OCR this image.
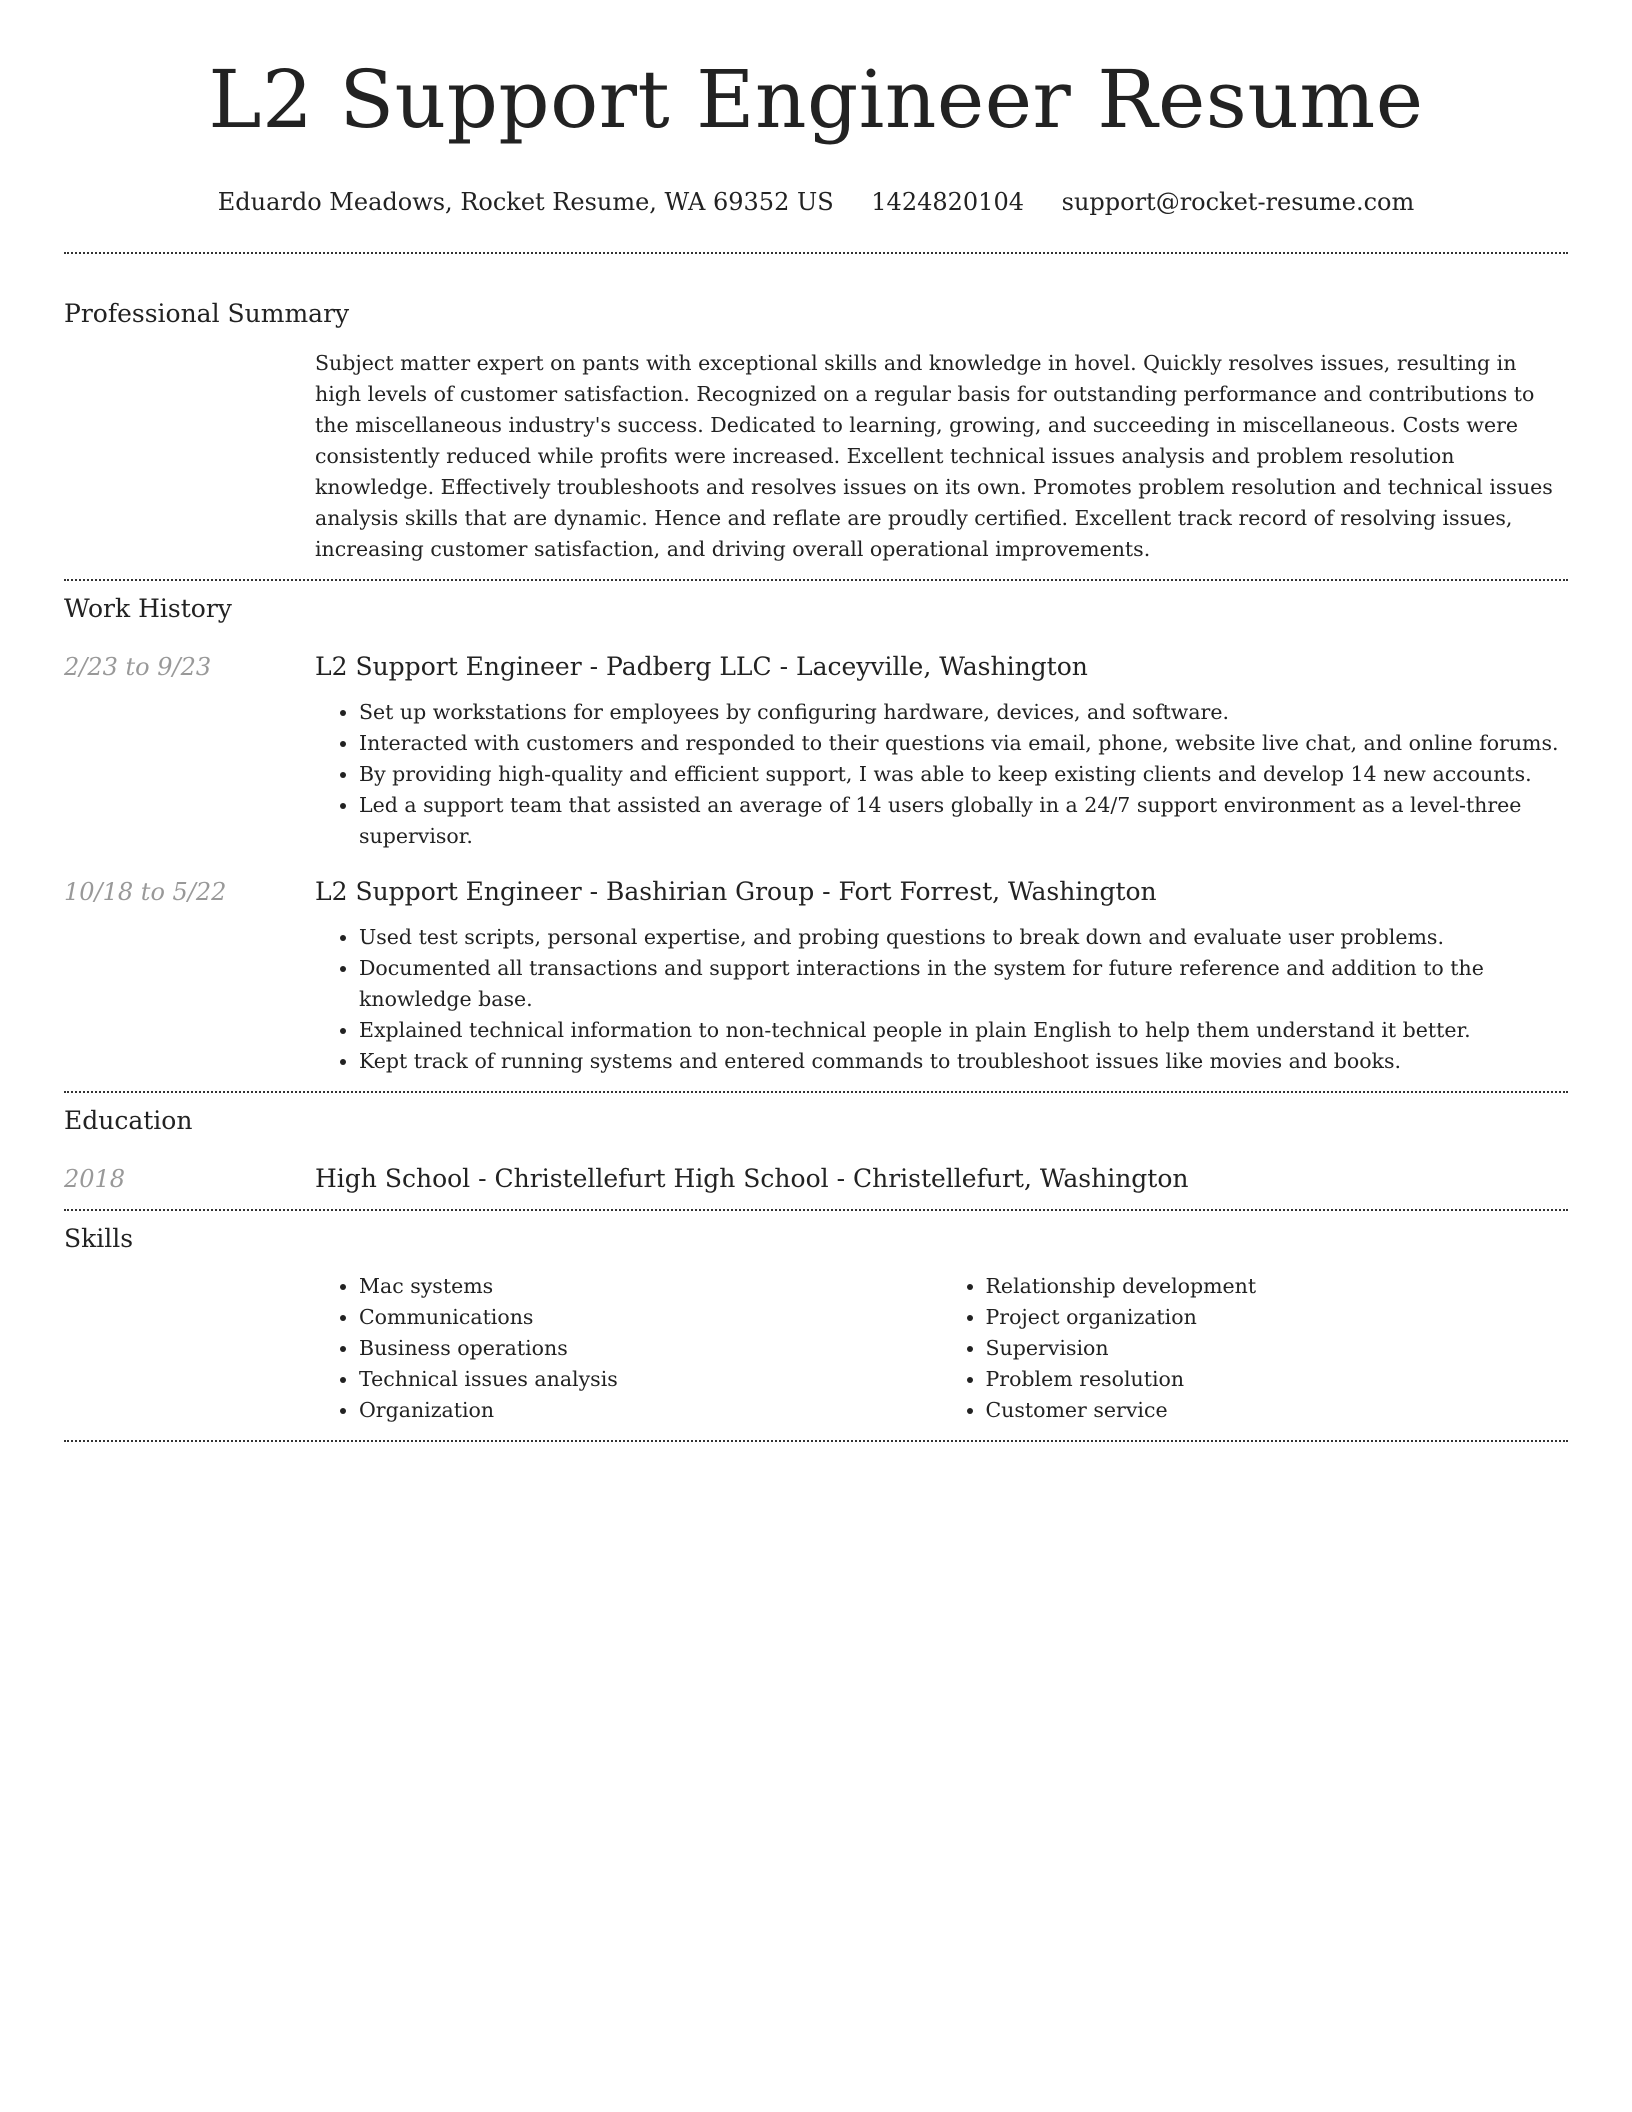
L2 Support Engineer Resume
Eduardo Meadows, Rocket Resume, WA 69352 US 1424820104 support@rocket-resume.com
Professional Summary

Subject matter expert on pants with exceptional skills and knowledge in hovel. Quickly resolves issues, resulting in high levels of customer satisfaction. Recognized on a regular basis for outstanding performance and contributions to the miscellaneous industry's success. Dedicated to learning, growing, and succeeding in miscellaneous. Costs were consistently reduced while profits were increased. Excellent technical issues analysis and problem resolution knowledge. Effectively troubleshoots and resolves issues on its own. Promotes problem resolution and technical issues analysis skills that are dynamic. Hence and reflate are proudly certified. Excellent track record of resolving issues, increasing customer satisfaction, and driving overall operational improvements.

Work History
2/23 to 9/23	L2 Support Engineer - Padberg LLC - Laceyville, Washington
• Set up workstations for employees by configuring hardware, devices, and software.
• Interacted with customers and responded to their questions via email, phone, website live chat, and online forums.
• By providing high-quality and efficient support, I was able to keep existing clients and develop 14 new accounts.
• Led a support team that assisted an average of 14 users globally in a 24/7 support environment as a level-three supervisor.
10/18 to 5/22	L2 Support Engineer - Bashirian Group - Fort Forrest, Washington
• Used test scripts, personal expertise, and probing questions to break down and evaluate user problems.
• Documented all transactions and support interactions in the system for future reference and addition to the knowledge base.
• Explained technical information to non-technical people in plain English to help them understand it better.
• Kept track of running systems and entered commands to troubleshoot issues like movies and books.
Education
2018	High School - Christellefurt High School - Christellefurt, Washington
Skills
• Mac systems
• Communications
• Business operations
• Technical issues analysis
• Organization
• Relationship development
• Project organization
• Supervision
• Problem resolution
• Customer service
